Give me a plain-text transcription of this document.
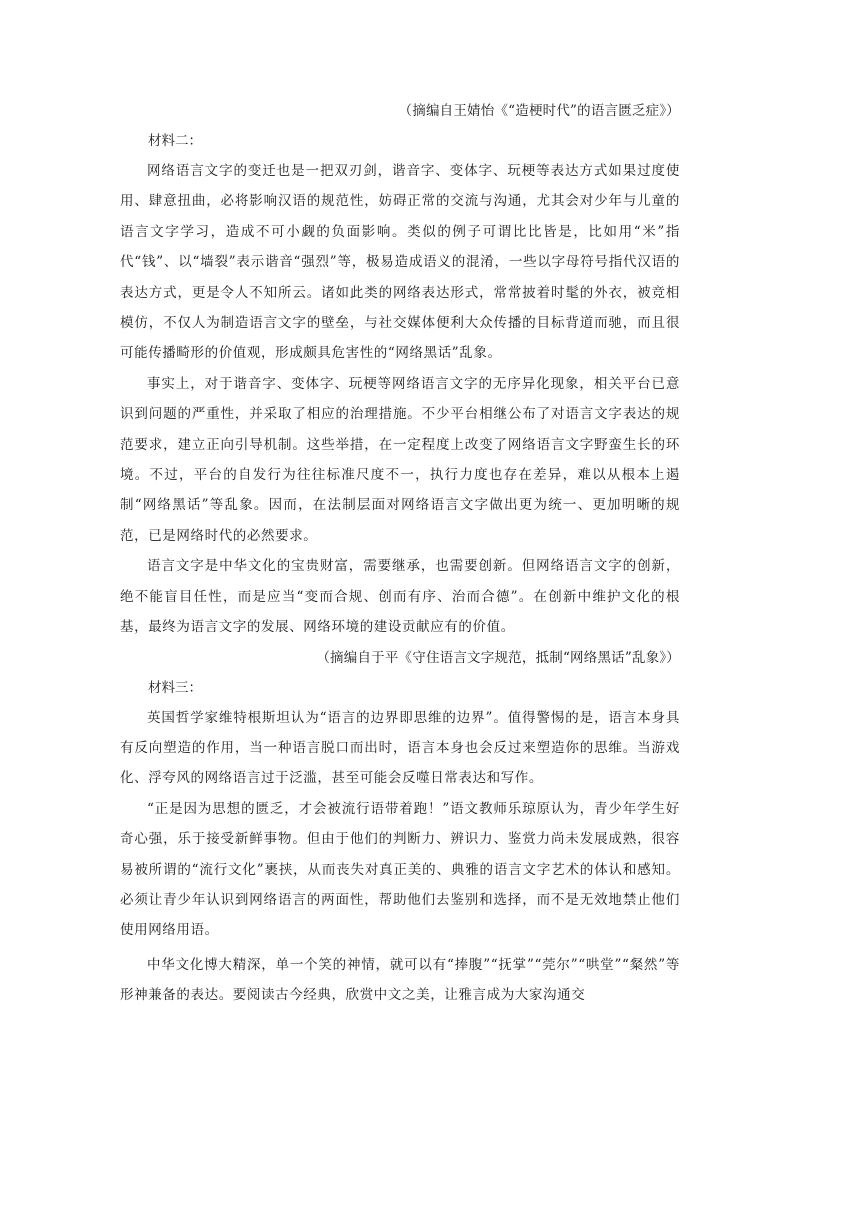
（摘编自王婧怡《“造梗时代”的语言匮乏症》）
材料二：

网络语言文字的变迁也是一把双刃剑，谐音字、变体字、玩梗等表达方式如果过度使用、肆意扭曲，必将影响汉语的规范性，妨碍正常的交流与沟通，尤其会对少年与儿童的语言文字学习，造成不可小觑的负面影响。类似的例子可谓比比皆是，比如用“米”指代“钱”、以“墙裂”表示谐音“强烈”等，极易造成语义的混淆，一些以字母符号指代汉语的表达方式，更是令人不知所云。诸如此类的网络表达形式，常常披着时髦的外衣，被竞相模仿，不仅人为制造语言文字的壁垒，与社交媒体便利大众传播的目标背道而驰，而且很可能传播畸形的价值观，形成颇具危害性的“网络黑话”乱象。

事实上，对于谐音字、变体字、玩梗等网络语言文字的无序异化现象，相关平台已意识到问题的严重性，并采取了相应的治理措施。不少平台相继公布了对语言文字表达的规范要求，建立正向引导机制。这些举措，在一定程度上改变了网络语言文字野蛮生长的环境。不过，平台的自发行为往往标准尺度不一，执行力度也存在差异，难以从根本上遏制“网络黑话”等乱象。因而，在法制层面对网络语言文字做出更为统一、更加明晰的规范，已是网络时代的必然要求。

语言文字是中华文化的宝贵财富，需要继承，也需要创新。但网络语言文字的创新，绝不能盲目任性，而是应当“变而合规、创而有序、治而合德”。在创新中维护文化的根基，最终为语言文字的发展、网络环境的建设贡献应有的价值。

（摘编自于平《守住语言文字规范，抵制“网络黑话”乱象》）
材料三：

英国哲学家维特根斯坦认为“语言的边界即思维的边界”。值得警惕的是，语言本身具有反向塑造的作用，当一种语言脱口而出时，语言本身也会反过来塑造你的思维。当游戏化、浮夸风的网络语言过于泛滥，甚至可能会反噬日常表达和写作。

“正是因为思想的匮乏，才会被流行语带着跑！”语文教师乐琼原认为，青少年学生好奇心强，乐于接受新鲜事物。但由于他们的判断力、辨识力、鉴赏力尚未发展成熟，很容易被所谓的“流行文化”裹挟，从而丧失对真正美的、典雅的语言文字艺术的体认和感知。必须让青少年认识到网络语言的两面性，帮助他们去鉴别和选择，而不是无效地禁止他们使用网络用语。

中华文化博大精深，单一个笑的神情，就可以有“捧腹”“抚掌”“莞尔”“哄堂”“粲然”等形神兼备的表达。要阅读古今经典，欣赏中文之美，让雅言成为大家沟通交
